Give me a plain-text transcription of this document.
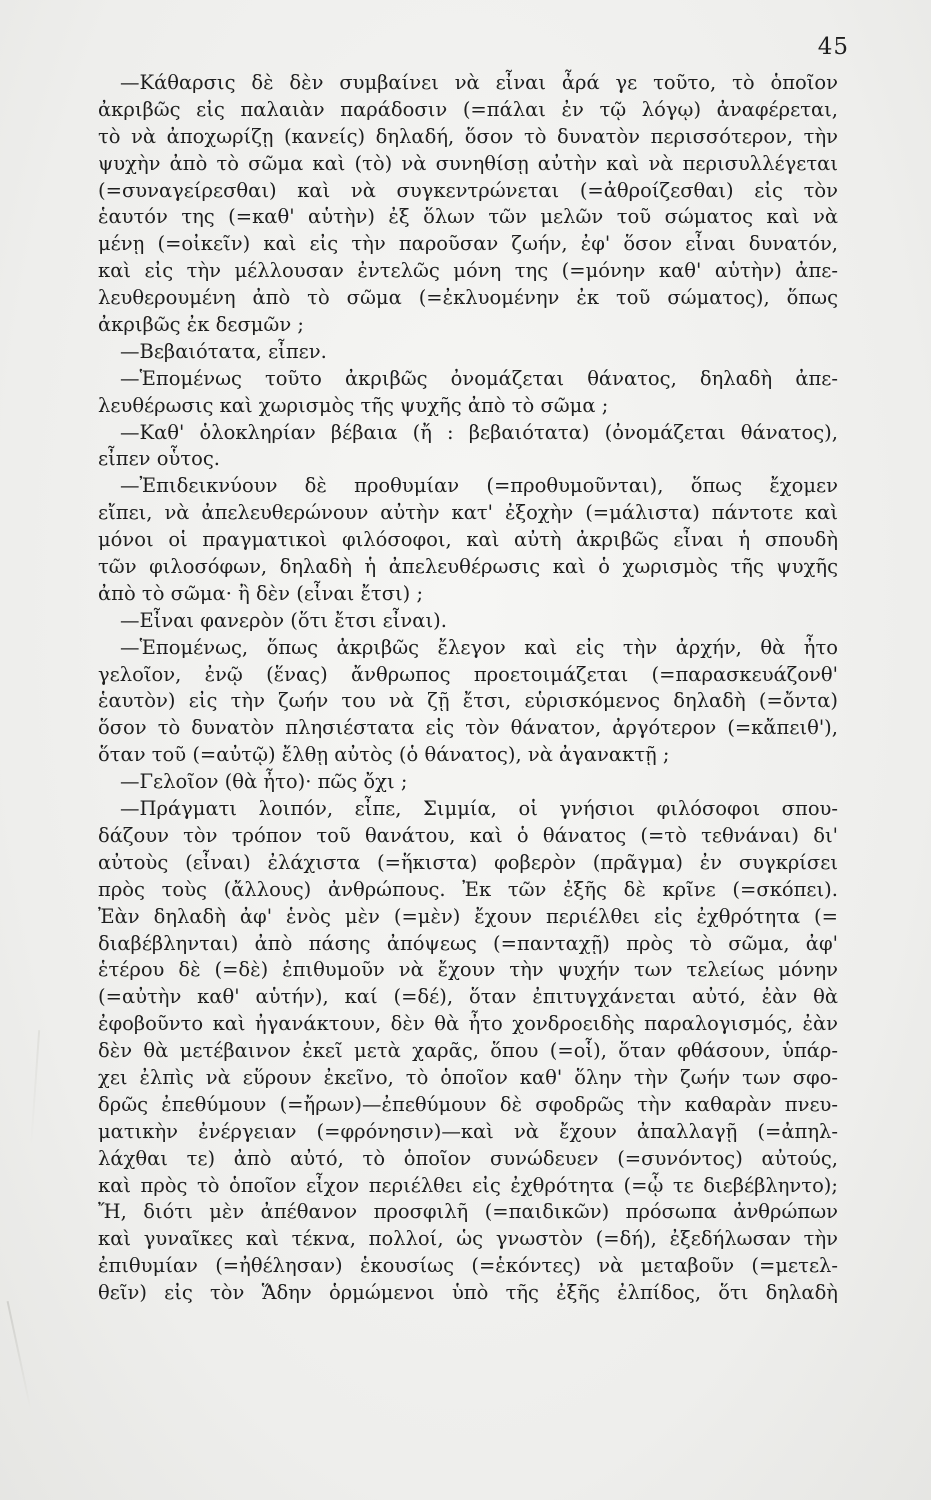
45
—Κάθαρσις δὲ δὲν συμβαίνει νὰ εἶναι ἆρά γε τοῦτο, τὸ ὁποῖον
ἀκριβῶς εἰς παλαιὰν παράδοσιν (=πάλαι ἐν τῷ λόγῳ) ἀναφέρεται,
τὸ νὰ ἀποχωρίζῃ (κανείς) δηλαδή, ὅσον τὸ δυνατὸν περισσότερον, τὴν
ψυχὴν ἀπὸ τὸ σῶμα καὶ (τὸ) νὰ συνηθίσῃ αὐτὴν καὶ νὰ περισυλλέγεται
(=συναγείρεσθαι) καὶ νὰ συγκεντρώνεται (=ἀθροίζεσθαι) εἰς τὸν
ἑαυτόν της (=καθ' αὑτὴν) ἐξ ὅλων τῶν μελῶν τοῦ σώματος καὶ νὰ
μένῃ (=οἰκεῖν) καὶ εἰς τὴν παροῦσαν ζωήν, ἐφ' ὅσον εἶναι δυνατόν,
καὶ εἰς τὴν μέλλουσαν ἐντελῶς μόνη της (=μόνην καθ' αὑτὴν) ἀπε-
λευθερουμένη ἀπὸ τὸ σῶμα (=ἐκλυομένην ἐκ τοῦ σώματος), ὅπως
ἀκριβῶς ἐκ δεσμῶν ;
—Βεβαιότατα, εἶπεν.
—Ἑπομένως τοῦτο ἀκριβῶς ὀνομάζεται θάνατος, δηλαδὴ ἀπε-
λευθέρωσις καὶ χωρισμὸς τῆς ψυχῆς ἀπὸ τὸ σῶμα ;
—Καθ' ὁλοκληρίαν βέβαια (ἤ : βεβαιότατα) (ὀνομάζεται θάνατος),
εἶπεν οὗτος.
—Ἐπιδεικνύουν δὲ προθυμίαν (=προθυμοῦνται), ὅπως ἔχομεν
εἴπει, νὰ ἀπελευθερώνουν αὐτὴν κατ' ἐξοχὴν (=μάλιστα) πάντοτε καὶ
μόνοι οἱ πραγματικοὶ φιλόσοφοι, καὶ αὐτὴ ἀκριβῶς εἶναι ἡ σπουδὴ
τῶν φιλοσόφων, δηλαδὴ ἡ ἀπελευθέρωσις καὶ ὁ χωρισμὸς τῆς ψυχῆς
ἀπὸ τὸ σῶμα· ἢ δὲν (εἶναι ἔτσι) ;
—Εἶναι φανερὸν (ὅτι ἔτσι εἶναι).
—Ἑπομένως, ὅπως ἀκριβῶς ἔλεγον καὶ εἰς τὴν ἀρχήν, θὰ ἦτο
γελοῖον, ἐνῷ (ἕνας) ἄνθρωπος προετοιμάζεται (=παρασκευάζονθ'
ἑαυτὸν) εἰς τὴν ζωήν του νὰ ζῇ ἔτσι, εὑρισκόμενος δηλαδὴ (=ὄντα)
ὅσον τὸ δυνατὸν πλησιέστατα εἰς τὸν θάνατον, ἀργότερον (=κἄπειθ'),
ὅταν τοῦ (=αὐτῷ) ἔλθῃ αὐτὸς (ὁ θάνατος), νὰ ἀγανακτῇ ;
—Γελοῖον (θὰ ἦτο)· πῶς ὄχι ;
—Πράγματι λοιπόν, εἶπε, Σιμμία, οἱ γνήσιοι φιλόσοφοι σπου-
δάζουν τὸν τρόπον τοῦ θανάτου, καὶ ὁ θάνατος (=τὸ τεθνάναι) δι'
αὐτοὺς (εἶναι) ἐλάχιστα (=ἥκιστα) φοβερὸν (πρᾶγμα) ἐν συγκρίσει
πρὸς τοὺς (ἄλλους) ἀνθρώπους. Ἐκ τῶν ἐξῆς δὲ κρῖνε (=σκόπει).
Ἐὰν δηλαδὴ ἀφ' ἑνὸς μὲν (=μὲν) ἔχουν περιέλθει εἰς ἐχθρότητα (=
διαβέβληνται) ἀπὸ πάσης ἀπόψεως (=πανταχῇ) πρὸς τὸ σῶμα, ἀφ'
ἑτέρου δὲ (=δὲ) ἐπιθυμοῦν νὰ ἔχουν τὴν ψυχήν των τελείως μόνην
(=αὐτὴν καθ' αὑτήν), καί (=δέ), ὅταν ἐπιτυγχάνεται αὐτό, ἐὰν θὰ
ἐφοβοῦντο καὶ ἠγανάκτουν, δὲν θὰ ἦτο χονδροειδὴς παραλογισμός, ἐὰν
δὲν θὰ μετέβαινον ἐκεῖ μετὰ χαρᾶς, ὅπου (=οἷ), ὅταν φθάσουν, ὑπάρ-
χει ἐλπὶς νὰ εὕρουν ἐκεῖνο, τὸ ὁποῖον καθ' ὅλην τὴν ζωήν των σφο-
δρῶς ἐπεθύμουν (=ἤρων)—ἐπεθύμουν δὲ σφοδρῶς τὴν καθαρὰν πνευ-
ματικὴν ἐνέργειαν (=φρόνησιν)—καὶ νὰ ἔχουν ἀπαλλαγῇ (=ἀπηλ-
λάχθαι τε) ἀπὸ αὐτό, τὸ ὁποῖον συνώδευεν (=συνόντος) αὐτούς,
καὶ πρὸς τὸ ὁποῖον εἶχον περιέλθει εἰς ἐχθρότητα (=ᾧ τε διεβέβληντο);
Ἤ, διότι μὲν ἀπέθανον προσφιλῆ (=παιδικῶν) πρόσωπα ἀνθρώπων
καὶ γυναῖκες καὶ τέκνα, πολλοί, ὡς γνωστὸν (=δή), ἐξεδήλωσαν τὴν
ἐπιθυμίαν (=ἠθέλησαν) ἑκουσίως (=ἑκόντες) νὰ μεταβοῦν (=μετελ-
θεῖν) εἰς τὸν Ἅδην ὁρμώμενοι ὑπὸ τῆς ἐξῆς ἐλπίδος, ὅτι δηλαδὴ
